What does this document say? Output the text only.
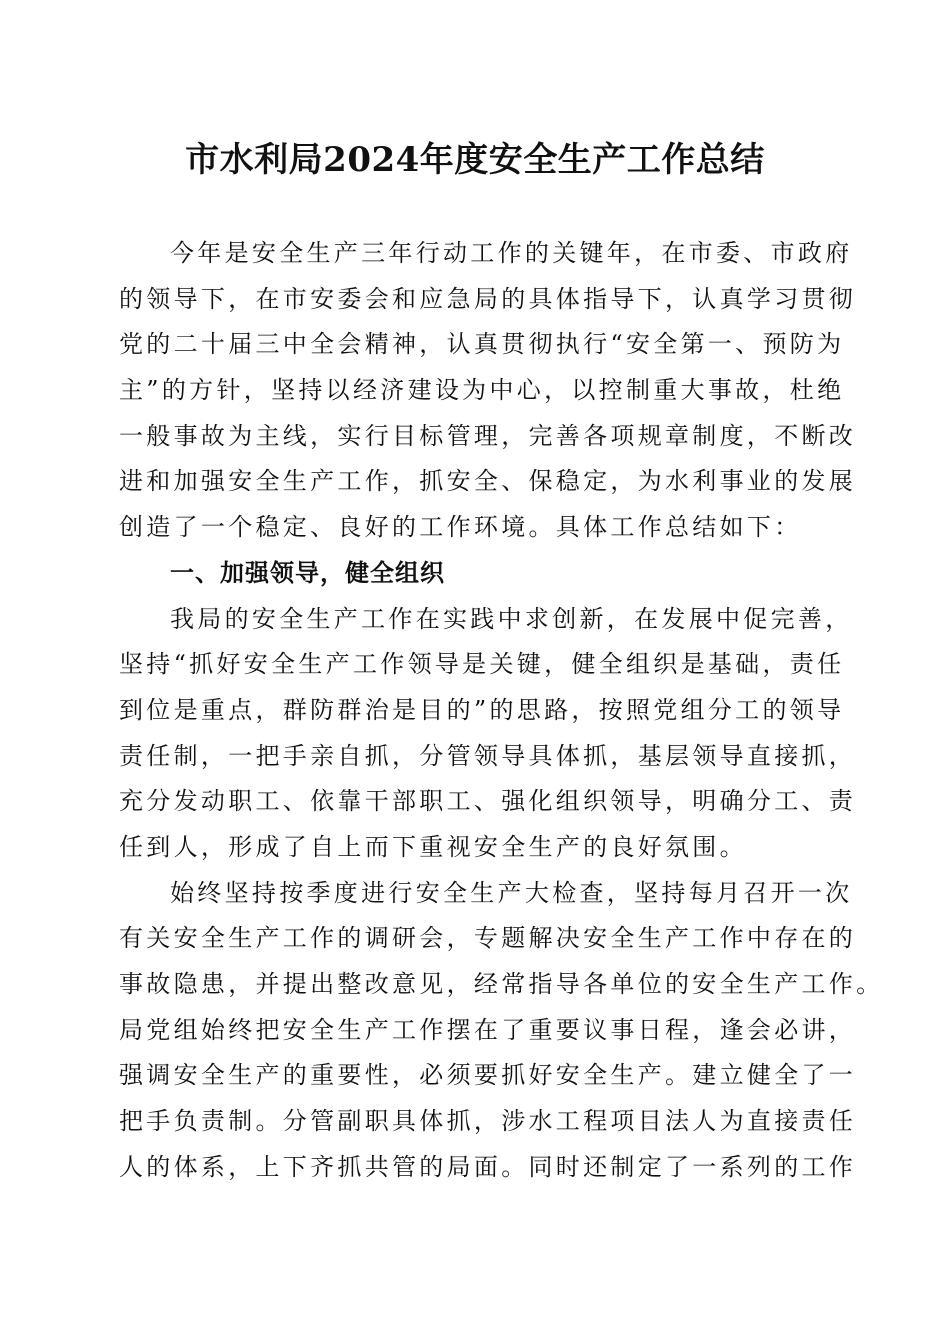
市水利局2024年度安全生产工作总结
今年是安全生产三年行动工作的关键年，在市委、市政府
的领导下，在市安委会和应急局的具体指导下，认真学习贯彻
党的二十届三中全会精神，认真贯彻执行“安全第一、预防为
主”的方针，坚持以经济建设为中心，以控制重大事故，杜绝
一般事故为主线，实行目标管理，完善各项规章制度，不断改
进和加强安全生产工作，抓安全、保稳定，为水利事业的发展
创造了一个稳定、良好的工作环境。具体工作总结如下：
一、加强领导，健全组织
我局的安全生产工作在实践中求创新，在发展中促完善，
坚持“抓好安全生产工作领导是关键，健全组织是基础，责任
到位是重点，群防群治是目的”的思路，按照党组分工的领导
责任制，一把手亲自抓，分管领导具体抓，基层领导直接抓，
充分发动职工、依靠干部职工、强化组织领导，明确分工、责
任到人，形成了自上而下重视安全生产的良好氛围。
始终坚持按季度进行安全生产大检查，坚持每月召开一次
有关安全生产工作的调研会，专题解决安全生产工作中存在的
事故隐患，并提出整改意见，经常指导各单位的安全生产工作。
局党组始终把安全生产工作摆在了重要议事日程，逢会必讲，
强调安全生产的重要性，必须要抓好安全生产。建立健全了一
把手负责制。分管副职具体抓，涉水工程项目法人为直接责任
人的体系，上下齐抓共管的局面。同时还制定了一系列的工作
